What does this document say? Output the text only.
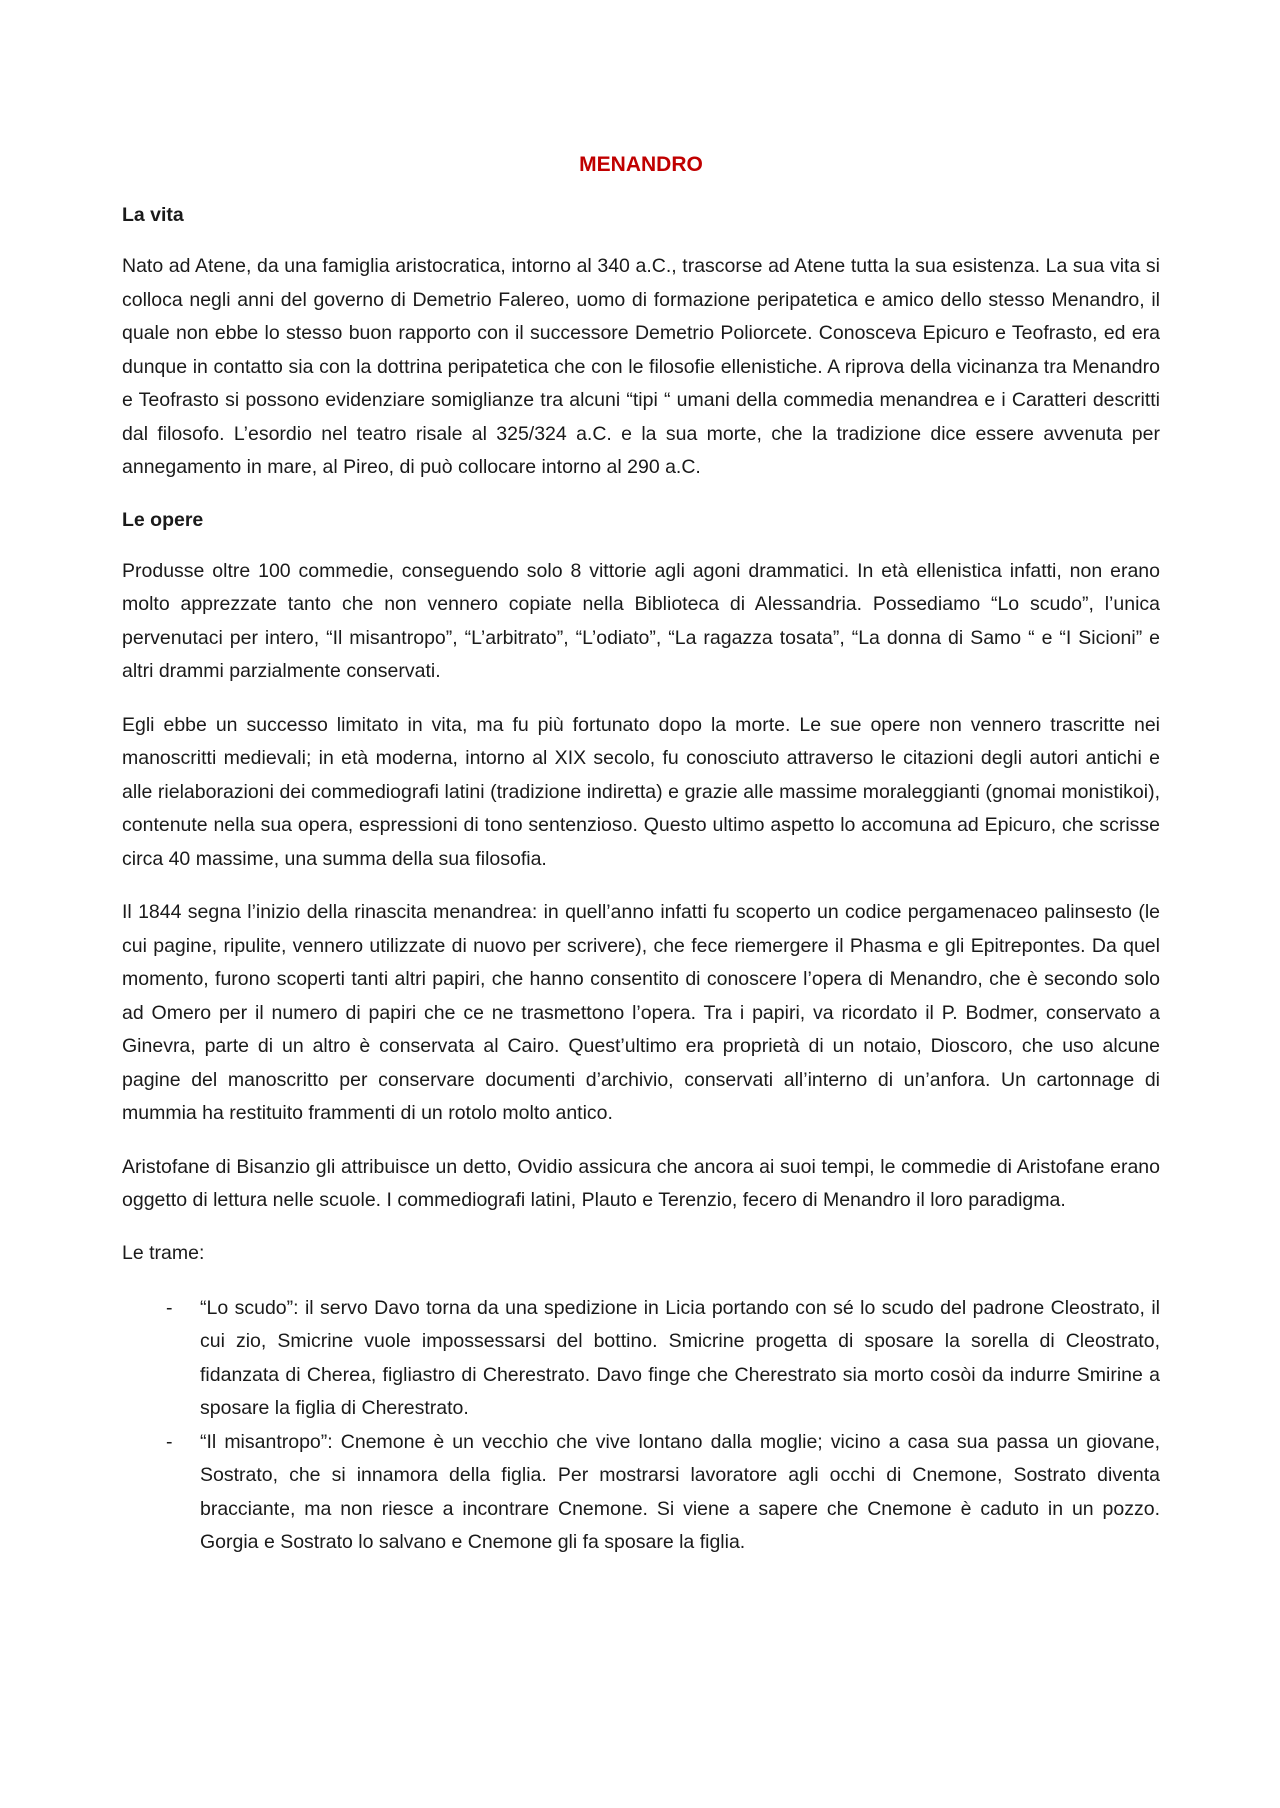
MENANDRO
La vita

Nato ad Atene, da una famiglia aristocratica, intorno al 340 a.C., trascorse ad Atene tutta la sua esistenza. La sua vita si colloca negli anni del governo di Demetrio Falereo, uomo di formazione peripatetica e amico dello stesso Menandro, il quale non ebbe lo stesso buon rapporto con il successore Demetrio Poliorcete. Conosceva Epicuro e Teofrasto, ed era dunque in contatto sia con la dottrina peripatetica che con le filosofie ellenistiche. A riprova della vicinanza tra Menandro e Teofrasto si possono evidenziare somiglianze tra alcuni “tipi “ umani della commedia menandrea e i Caratteri descritti dal filosofo. L’esordio nel teatro risale al 325/324 a.C. e la sua morte, che la tradizione dice essere avvenuta per annegamento in mare, al Pireo, di può collocare intorno al 290 a.C.

Le opere

Produsse oltre 100 commedie, conseguendo solo 8 vittorie agli agoni drammatici. In età ellenistica infatti, non erano molto apprezzate tanto che non vennero copiate nella Biblioteca di Alessandria. Possediamo “Lo scudo”, l’unica pervenutaci per intero, “Il misantropo”, “L’arbitrato”, “L’odiato”, “La ragazza tosata”, “La donna di Samo “ e “I Sicioni” e altri drammi parzialmente conservati.

Egli ebbe un successo limitato in vita, ma fu più fortunato dopo la morte. Le sue opere non vennero trascritte nei manoscritti medievali; in età moderna, intorno al XIX secolo, fu conosciuto attraverso le citazioni degli autori antichi e alle rielaborazioni dei commediografi latini (tradizione indiretta) e grazie alle massime moraleggianti (gnomai monistikoi), contenute nella sua opera, espressioni di tono sentenzioso. Questo ultimo aspetto lo accomuna ad Epicuro, che scrisse circa 40 massime, una summa della sua filosofia.

Il 1844 segna l’inizio della rinascita menandrea: in quell’anno infatti fu scoperto un codice pergamenaceo palinsesto (le cui pagine, ripulite, vennero utilizzate di nuovo per scrivere), che fece riemergere il Phasma e gli Epitrepontes. Da quel momento, furono scoperti tanti altri papiri, che hanno consentito di conoscere l’opera di Menandro, che è secondo solo ad Omero per il numero di papiri che ce ne trasmettono l’opera. Tra i papiri, va ricordato il P. Bodmer, conservato a Ginevra, parte di un altro è conservata al Cairo. Quest’ultimo era proprietà di un notaio, Dioscoro, che uso alcune pagine del manoscritto per conservare documenti d’archivio, conservati all’interno di un’anfora. Un cartonnage di mummia ha restituito frammenti di un rotolo molto antico.

Aristofane di Bisanzio gli attribuisce un detto, Ovidio assicura che ancora ai suoi tempi, le commedie di Aristofane erano oggetto di lettura nelle scuole. I commediografi latini, Plauto e Terenzio, fecero di Menandro il loro paradigma.

Le trame:

- “Lo scudo”: il servo Davo torna da una spedizione in Licia portando con sé lo scudo del padrone Cleostrato, il cui zio, Smicrine vuole impossessarsi del bottino. Smicrine progetta di sposare la sorella di Cleostrato, fidanzata di Cherea, figliastro di Cherestrato. Davo finge che Cherestrato sia morto cosòi da indurre Smirine a sposare la figlia di Cherestrato.
- “Il misantropo”: Cnemone è un vecchio che vive lontano dalla moglie; vicino a casa sua passa un giovane, Sostrato, che si innamora della figlia. Per mostrarsi lavoratore agli occhi di Cnemone, Sostrato diventa bracciante, ma non riesce a incontrare Cnemone. Si viene a sapere che Cnemone è caduto in un pozzo. Gorgia e Sostrato lo salvano e Cnemone gli fa sposare la figlia.
